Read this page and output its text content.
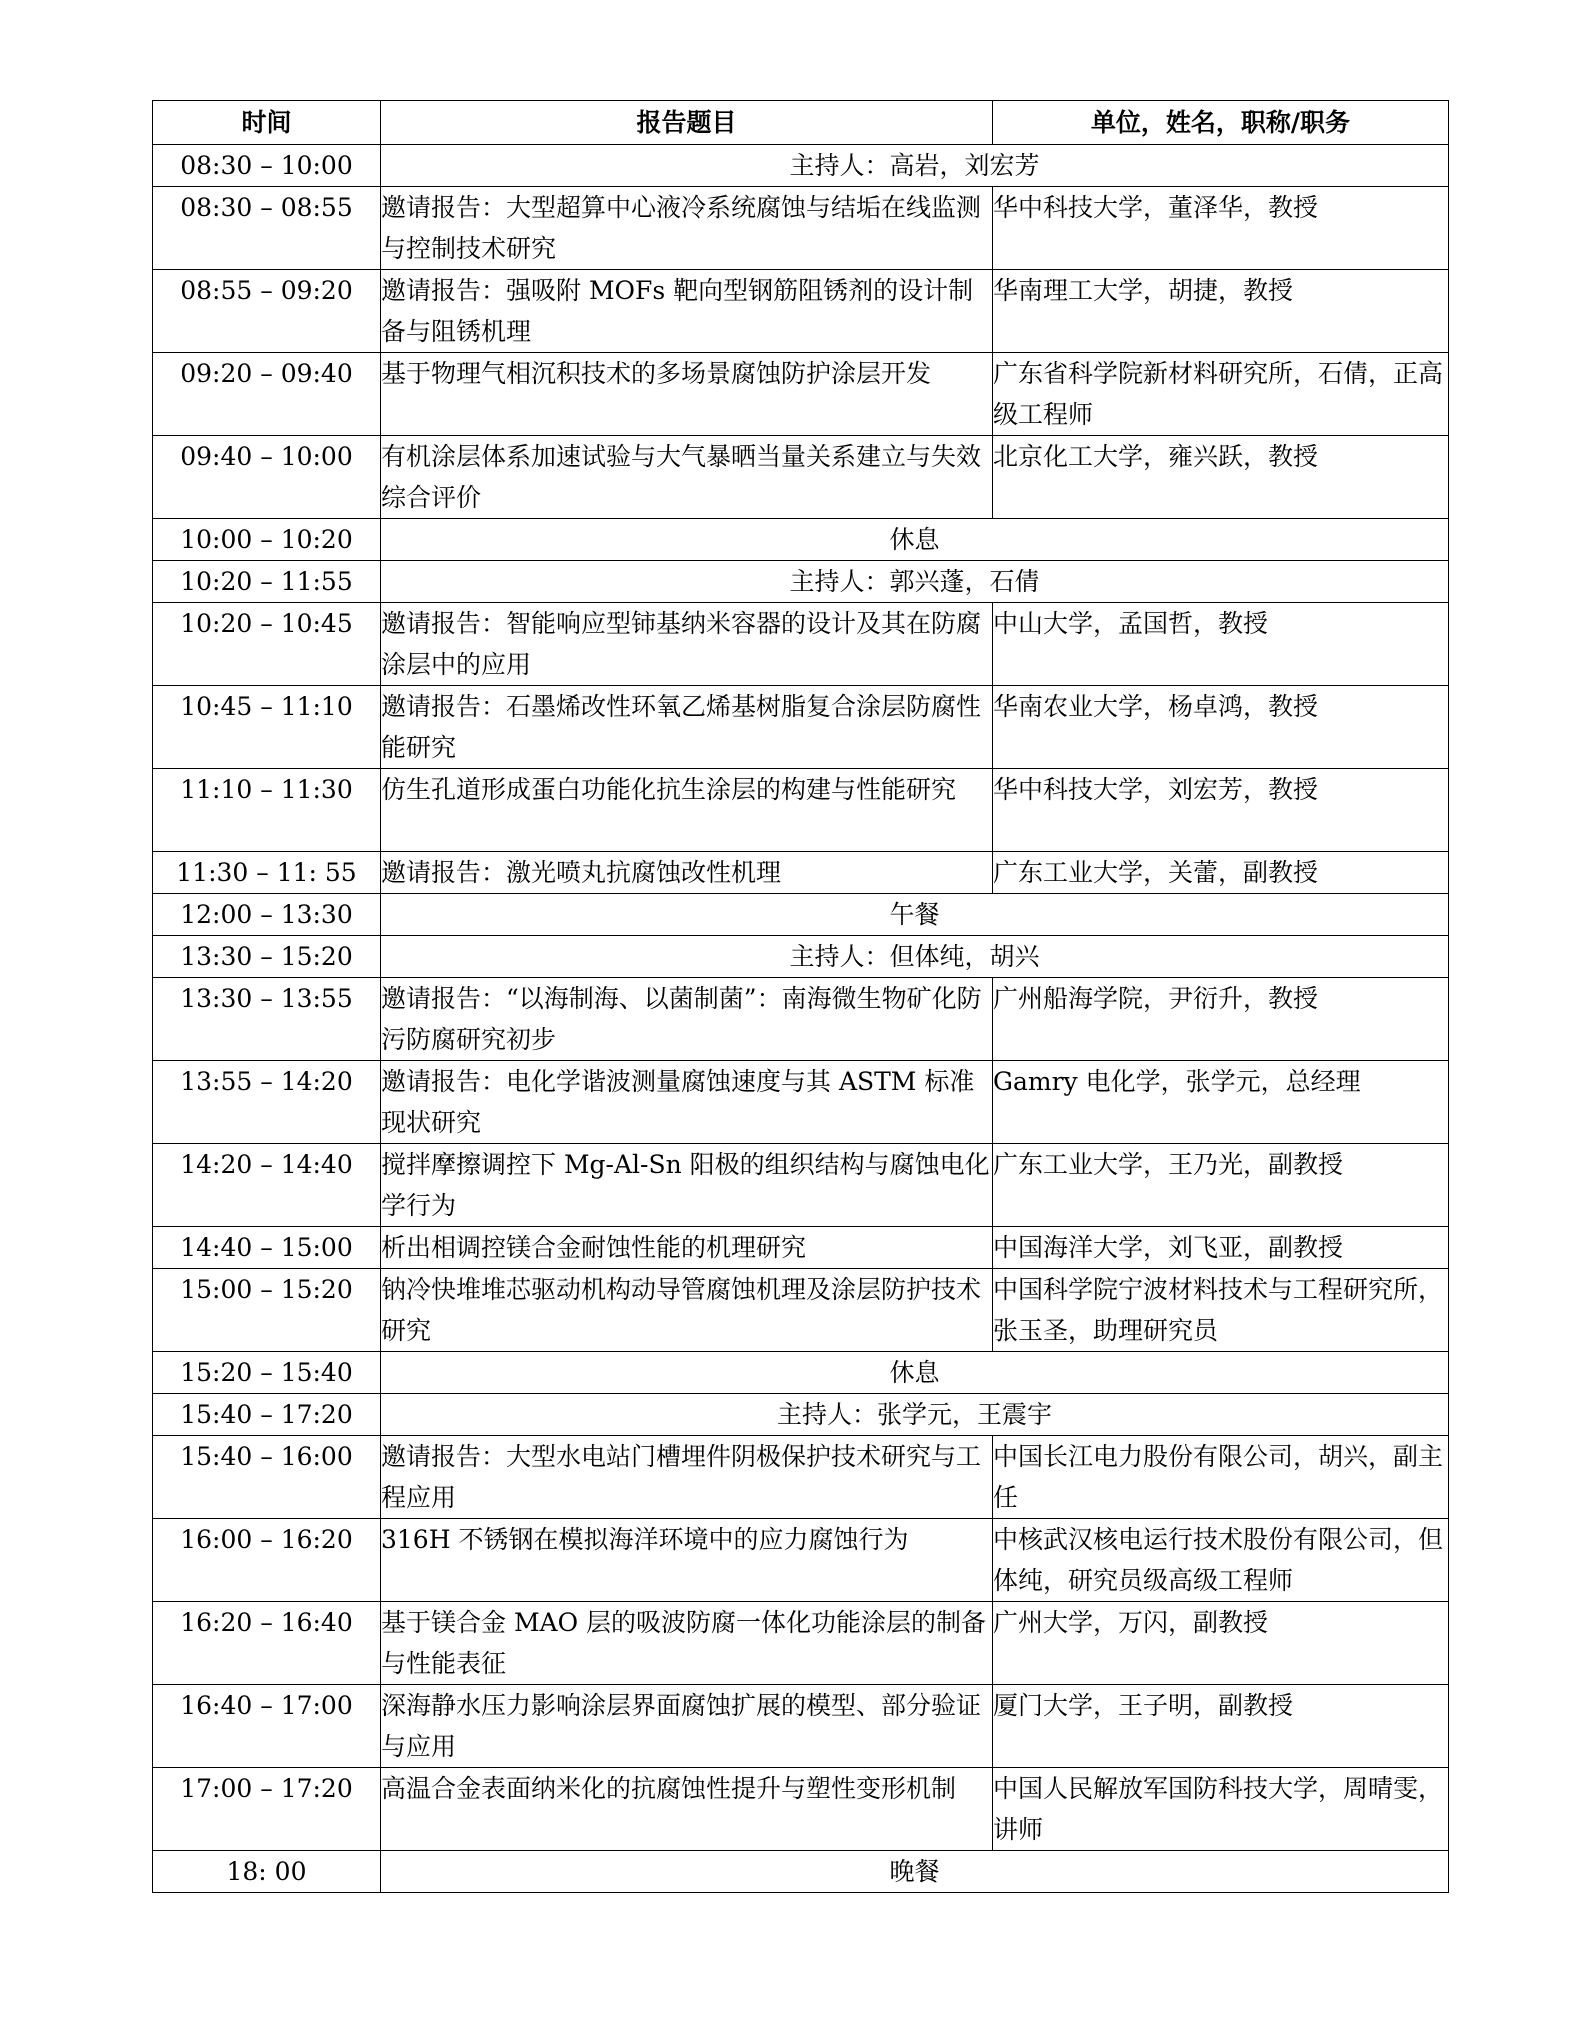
时间	报告题目	单位，姓名，职称/职务
08:30 – 10:00	主持人：高岩，刘宏芳	
08:30 – 08:55	邀请报告：大型超算中心液冷系统腐蚀与结垢在线监测与控制技术研究	华中科技大学，董泽华，教授
08:55 – 09:20	邀请报告：强吸附 MOFs 靶向型钢筋阻锈剂的设计制备与阻锈机理	华南理工大学，胡捷，教授
09:20 – 09:40	基于物理气相沉积技术的多场景腐蚀防护涂层开发	广东省科学院新材料研究所，石倩，正高级工程师
09:40 – 10:00	有机涂层体系加速试验与大气暴晒当量关系建立与失效综合评价	北京化工大学，雍兴跃，教授
10:00 – 10:20	休息	
10:20 – 11:55	主持人：郭兴蓬，石倩	
10:20 – 10:45	邀请报告：智能响应型铈基纳米容器的设计及其在防腐涂层中的应用	中山大学，孟国哲，教授
10:45 – 11:10	邀请报告：石墨烯改性环氧乙烯基树脂复合涂层防腐性能研究	华南农业大学，杨卓鸿，教授
11:10 – 11:30	仿生孔道形成蛋白功能化抗生涂层的构建与性能研究	华中科技大学，刘宏芳，教授
11:30 – 11: 55	邀请报告：激光喷丸抗腐蚀改性机理	广东工业大学，关蕾，副教授
12:00 – 13:30	午餐	
13:30 – 15:20	主持人：但体纯，胡兴	
13:30 – 13:55	邀请报告：“以海制海、以菌制菌”：南海微生物矿化防污防腐研究初步	广州船海学院，尹衍升，教授
13:55 – 14:20	邀请报告：电化学谐波测量腐蚀速度与其 ASTM 标准现状研究	Gamry 电化学，张学元，总经理
14:20 – 14:40	搅拌摩擦调控下 Mg-Al-Sn 阳极的组织结构与腐蚀电化学行为	广东工业大学，王乃光，副教授
14:40 – 15:00	析出相调控镁合金耐蚀性能的机理研究	中国海洋大学，刘飞亚，副教授
15:00 – 15:20	钠冷快堆堆芯驱动机构动导管腐蚀机理及涂层防护技术研究	中国科学院宁波材料技术与工程研究所，张玉圣，助理研究员
15:20 – 15:40	休息	
15:40 – 17:20	主持人：张学元，王震宇	
15:40 – 16:00	邀请报告：大型水电站门槽埋件阴极保护技术研究与工程应用	中国长江电力股份有限公司，胡兴，副主任
16:00 – 16:20	316H 不锈钢在模拟海洋环境中的应力腐蚀行为	中核武汉核电运行技术股份有限公司，但体纯，研究员级高级工程师
16:20 – 16:40	基于镁合金 MAO 层的吸波防腐一体化功能涂层的制备与性能表征	广州大学，万闪，副教授
16:40 – 17:00	深海静水压力影响涂层界面腐蚀扩展的模型、部分验证与应用	厦门大学，王子明，副教授
17:00 – 17:20	高温合金表面纳米化的抗腐蚀性提升与塑性变形机制	中国人民解放军国防科技大学，周晴雯，讲师
18: 00	晚餐	
